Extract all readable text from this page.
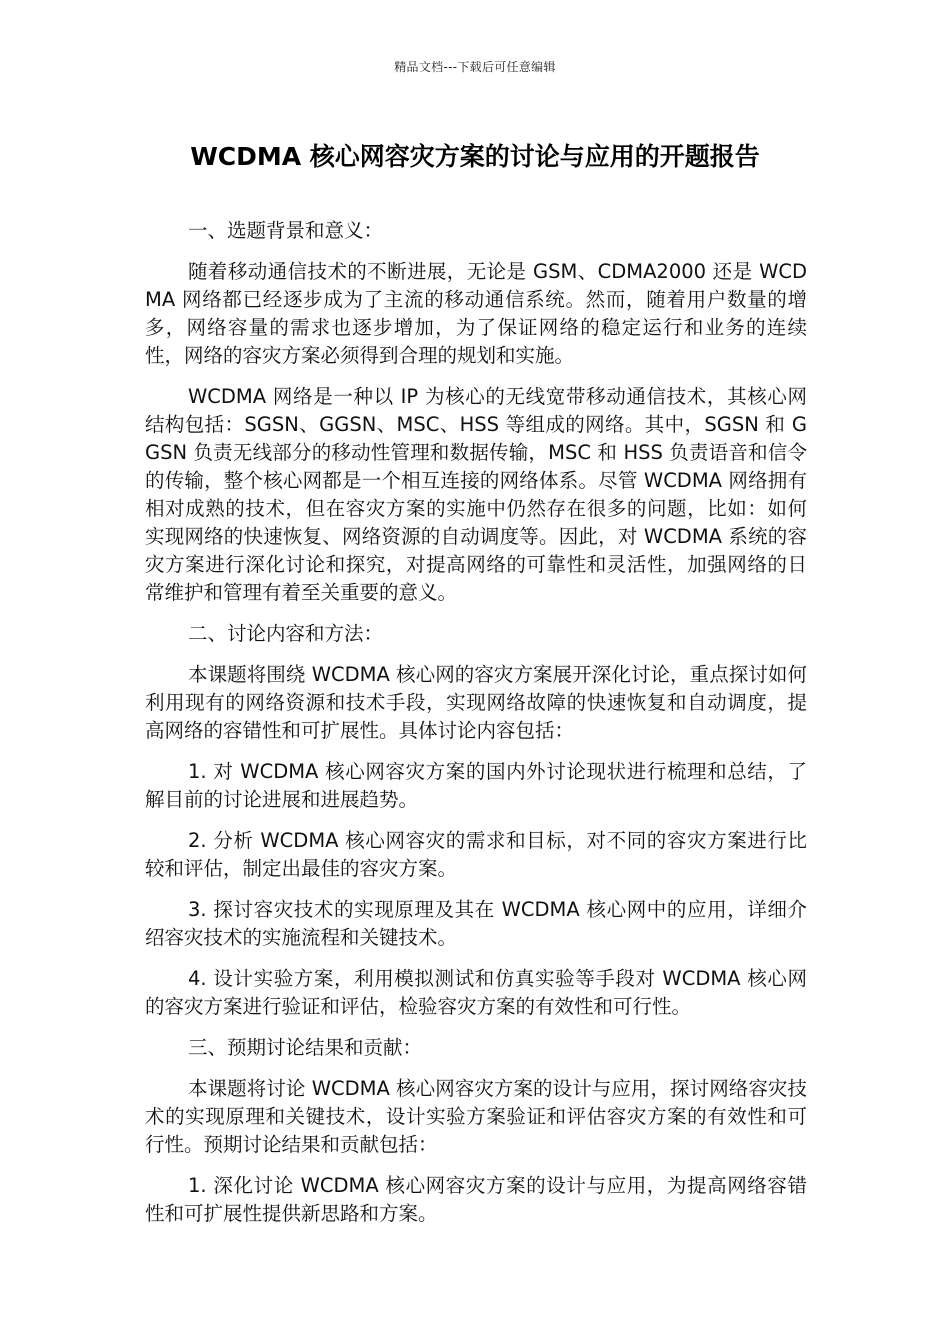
精品文档---下载后可任意编辑
WCDMA 核心网容灾方案的讨论与应用的开题报告

一、选题背景和意义：

随着移动通信技术的不断进展，无论是 GSM、CDMA2000 还是 WCDMA 网络都已经逐步成为了主流的移动通信系统。然而，随着用户数量的增多，网络容量的需求也逐步增加，为了保证网络的稳定运行和业务的连续性，网络的容灾方案必须得到合理的规划和实施。

WCDMA 网络是一种以 IP 为核心的无线宽带移动通信技术，其核心网结构包括：SGSN、GGSN、MSC、HSS 等组成的网络。其中，SGSN 和 GGSN 负责无线部分的移动性管理和数据传输，MSC 和 HSS 负责语音和信令的传输，整个核心网都是一个相互连接的网络体系。尽管 WCDMA 网络拥有相对成熟的技术，但在容灾方案的实施中仍然存在很多的问题，比如：如何实现网络的快速恢复、网络资源的自动调度等。因此，对 WCDMA 系统的容灾方案进行深化讨论和探究，对提高网络的可靠性和灵活性，加强网络的日常维护和管理有着至关重要的意义。

二、讨论内容和方法：

本课题将围绕 WCDMA 核心网的容灾方案展开深化讨论，重点探讨如何利用现有的网络资源和技术手段，实现网络故障的快速恢复和自动调度，提高网络的容错性和可扩展性。具体讨论内容包括：

1. 对 WCDMA 核心网容灾方案的国内外讨论现状进行梳理和总结，了解目前的讨论进展和进展趋势。

2. 分析 WCDMA 核心网容灾的需求和目标，对不同的容灾方案进行比较和评估，制定出最佳的容灾方案。

3. 探讨容灾技术的实现原理及其在 WCDMA 核心网中的应用，详细介绍容灾技术的实施流程和关键技术。

4. 设计实验方案，利用模拟测试和仿真实验等手段对 WCDMA 核心网的容灾方案进行验证和评估，检验容灾方案的有效性和可行性。

三、预期讨论结果和贡献：

本课题将讨论 WCDMA 核心网容灾方案的设计与应用，探讨网络容灾技术的实现原理和关键技术，设计实验方案验证和评估容灾方案的有效性和可行性。预期讨论结果和贡献包括：

1. 深化讨论 WCDMA 核心网容灾方案的设计与应用，为提高网络容错性和可扩展性提供新思路和方案。
